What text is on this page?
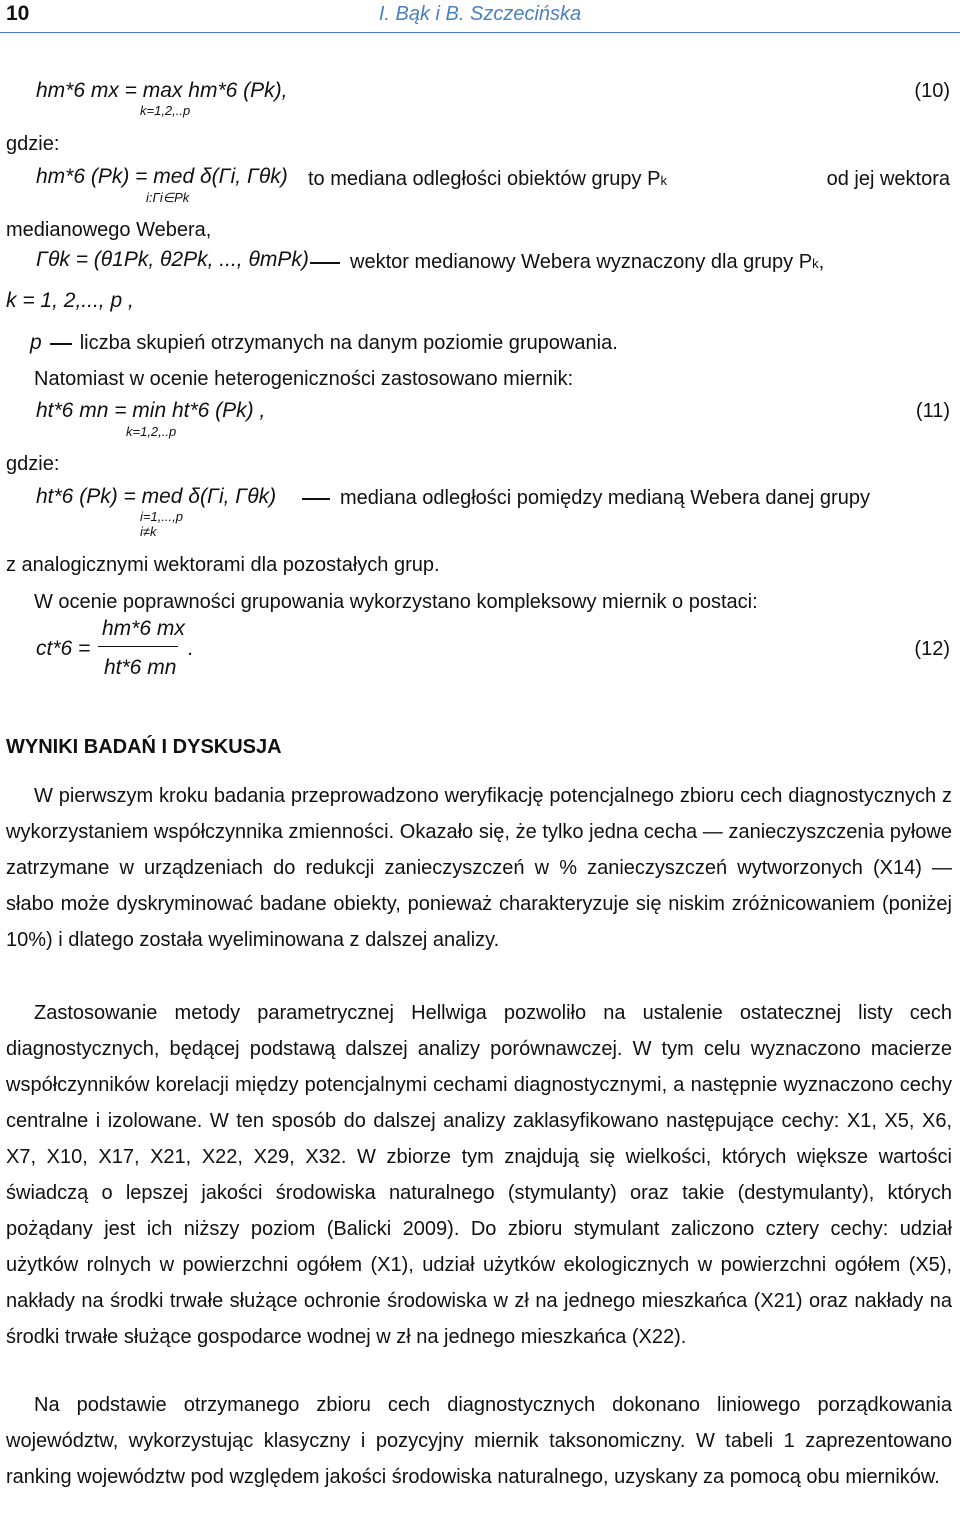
10	I. Bąk i B. Szczecińska
hm*6 mx = max hm*6 (Pk),
k=1,2,..p
(10)
gdzie:
hm*6 (Pk) = med δ(Γi, Γθk)
i:Γi∈Pk
to mediana odległości obiektów grupy Pk	od jej wektora
medianowego Webera,
Γθk = (θ1Pk, θ2Pk, ..., θmPk)	wektor medianowy Webera wyznaczony dla grupy Pk,
k = 1, 2,..., p ,
p liczba skupień otrzymanych na danym poziomie grupowania.
Natomiast w ocenie heterogeniczności zastosowano miernik:
ht*6 mn = min ht*6 (Pk) ,
k=1,2,..p
(11)
gdzie:
ht*6 (Pk) = med δ(Γi, Γθk)
i=1,...,p
i≠k
mediana odległości pomiędzy medianą Webera danej grupy
z analogicznymi wektorami dla pozostałych grup.
W ocenie poprawności grupowania wykorzystano kompleksowy miernik o postaci:
ct*6 =
hm*6 mx
ht*6 mn
.	(12)
WYNIKI BADAŃ I DYSKUSJA
W pierwszym kroku badania przeprowadzono weryfikację potencjalnego zbioru cech diagnostycznych z wykorzystaniem współczynnika zmienności. Okazało się, że tylko jedna cecha — zanieczyszczenia pyłowe zatrzymane w urządzeniach do redukcji zanieczyszczeń w % zanieczyszczeń wytworzonych (X14) — słabo może dyskryminować badane obiekty, ponieważ charakteryzuje się niskim zróżnicowaniem (poniżej 10%) i dlatego została wyeliminowana z dalszej analizy.
Zastosowanie metody parametrycznej Hellwiga pozwoliło na ustalenie ostatecznej listy cech diagnostycznych, będącej podstawą dalszej analizy porównawczej. W tym celu wyznaczono macierze współczynników korelacji między potencjalnymi cechami diagnostycznymi, a następnie wyznaczono cechy centralne i izolowane. W ten sposób do dalszej analizy zaklasyfikowano następujące cechy: X1, X5, X6, X7, X10, X17, X21, X22, X29, X32. W zbiorze tym znajdują się wielkości, których większe wartości świadczą o lepszej jakości środowiska naturalnego (stymulanty) oraz takie (destymulanty), których pożądany jest ich niższy poziom (Balicki 2009). Do zbioru stymulant zaliczono cztery cechy: udział użytków rolnych w powierzchni ogółem (X1), udział użytków ekologicznych w powierzchni ogółem (X5), nakłady na środki trwałe służące ochronie środowiska w zł na jednego mieszkańca (X21) oraz nakłady na środki trwałe służące gospodarce wodnej w zł na jednego mieszkańca (X22).
Na podstawie otrzymanego zbioru cech diagnostycznych dokonano liniowego porządkowania województw, wykorzystując klasyczny i pozycyjny miernik taksonomiczny. W tabeli 1 zaprezentowano ranking województw pod względem jakości środowiska naturalnego, uzyskany za pomocą obu mierników.
